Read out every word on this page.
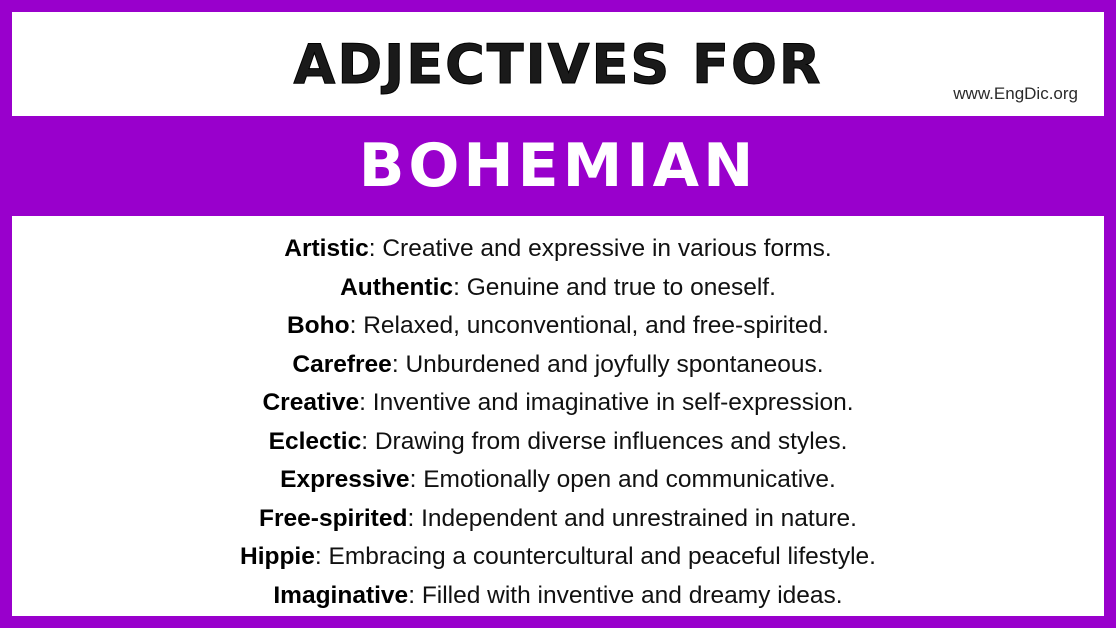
ADJECTIVES FOR	www.EngDic.org
BOHEMIAN
Artistic: Creative and expressive in various forms.
Authentic: Genuine and true to oneself.
Boho: Relaxed, unconventional, and free-spirited.
Carefree: Unburdened and joyfully spontaneous.
Creative: Inventive and imaginative in self-expression.
Eclectic: Drawing from diverse influences and styles.
Expressive: Emotionally open and communicative.
Free-spirited: Independent and unrestrained in nature.
Hippie: Embracing a countercultural and peaceful lifestyle.
Imaginative: Filled with inventive and dreamy ideas.
